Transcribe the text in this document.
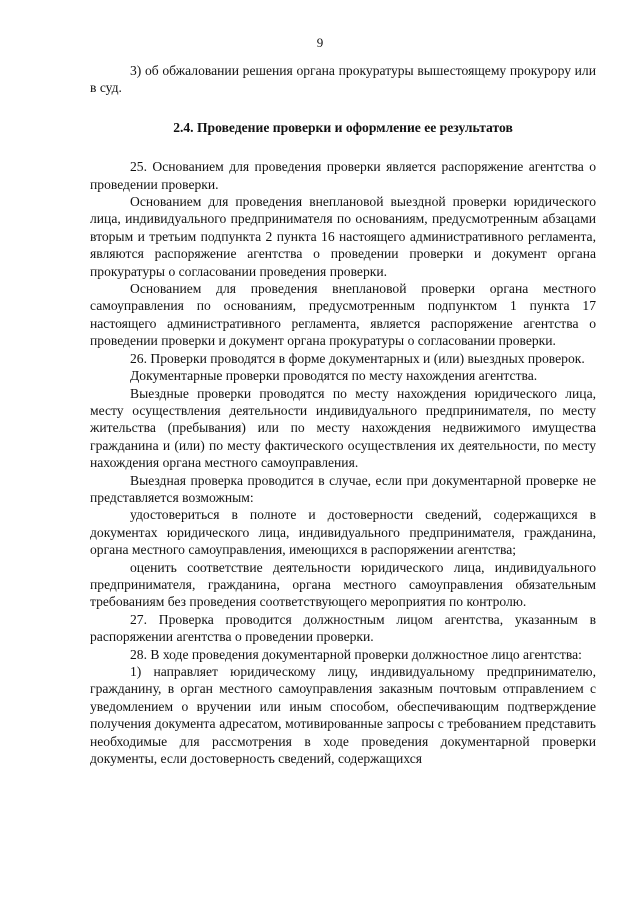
9

3) об обжаловании решения органа прокуратуры вышестоящему прокурору или в суд.

2.4. Проведение проверки и оформление ее результатов

25. Основанием для проведения проверки является распоряжение агентства о проведении проверки.

Основанием для проведения внеплановой выездной проверки юридического лица, индивидуального предпринимателя по основаниям, предусмотренным абзацами вторым и третьим подпункта 2 пункта 16 настоящего административного регламента, являются распоряжение агентства о проведении проверки и документ органа прокуратуры о согласовании проведения проверки.

Основанием для проведения внеплановой проверки органа местного самоуправления по основаниям, предусмотренным подпунктом 1 пункта 17 настоящего административного регламента, является распоряжение агентства о проведении проверки и документ органа прокуратуры о согласовании проверки.

26. Проверки проводятся в форме документарных и (или) выездных проверок.

Документарные проверки проводятся по месту нахождения агентства.

Выездные проверки проводятся по месту нахождения юридического лица, месту осуществления деятельности индивидуального предпринимателя, по месту жительства (пребывания) или по месту нахождения недвижимого имущества гражданина и (или) по месту фактического осуществления их деятельности, по месту нахождения органа местного самоуправления.

Выездная проверка проводится в случае, если при документарной проверке не представляется возможным:

удостовериться в полноте и достоверности сведений, содержащихся в документах юридического лица, индивидуального предпринимателя, гражданина, органа местного самоуправления, имеющихся в распоряжении агентства;

оценить соответствие деятельности юридического лица, индивидуального предпринимателя, гражданина, органа местного самоуправления обязательным требованиям без проведения соответствующего мероприятия по контролю.

27. Проверка проводится должностным лицом агентства, указанным в распоряжении агентства о проведении проверки.

28. В ходе проведения документарной проверки должностное лицо агентства:

1) направляет юридическому лицу, индивидуальному предпринимателю, гражданину, в орган местного самоуправления заказным почтовым отправлением с уведомлением о вручении или иным способом, обеспечивающим подтверждение получения документа адресатом, мотивированные запросы с требованием представить необходимые для рассмотрения в ходе проведения документарной проверки документы, если достоверность сведений, содержащихся
